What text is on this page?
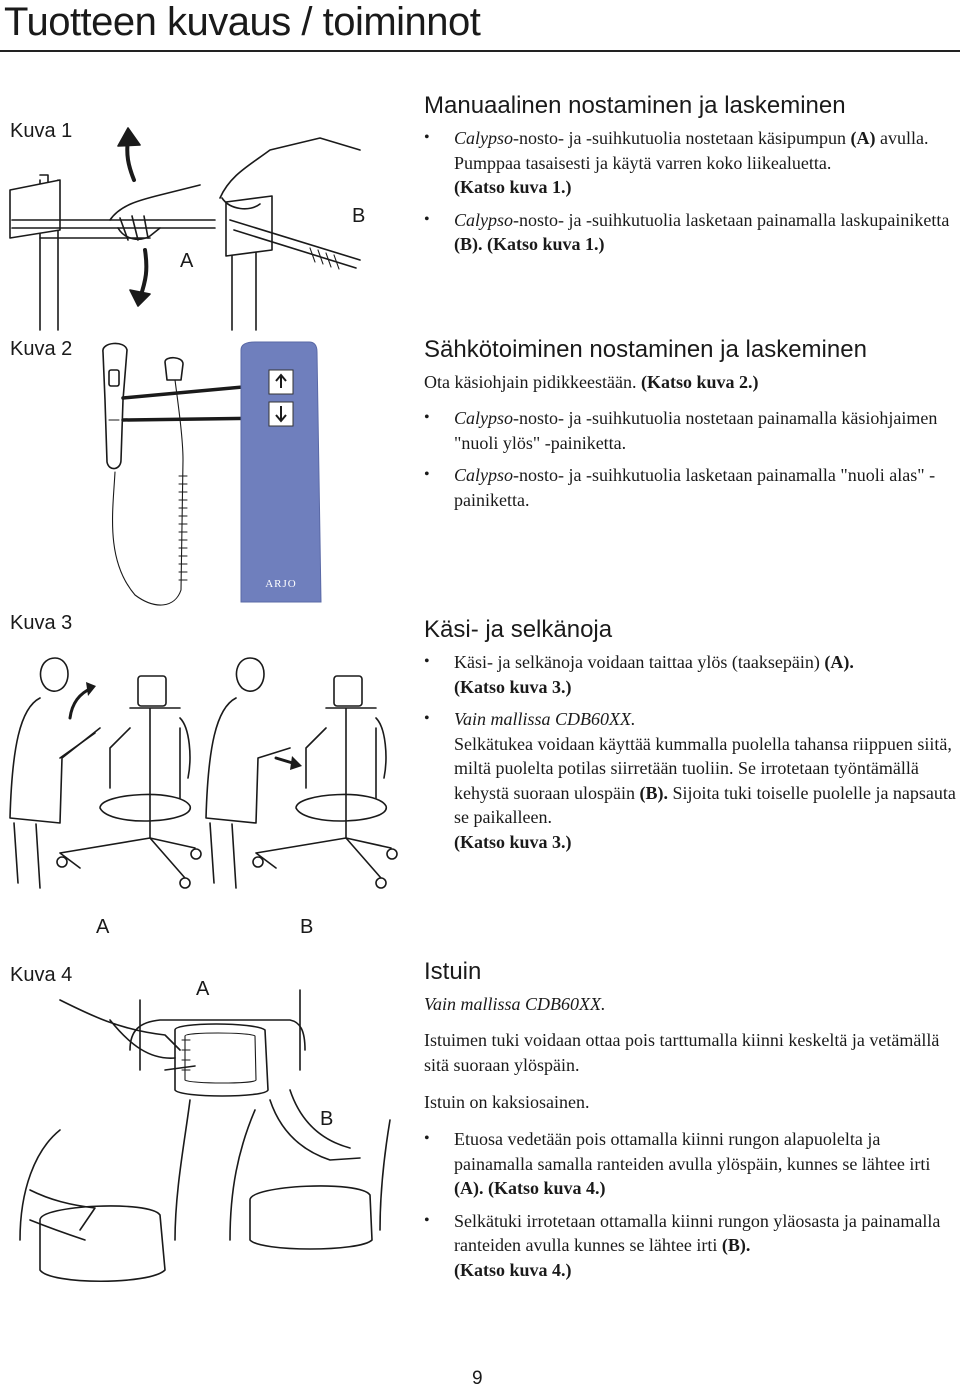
Tuotteen kuvaus / toiminnot
Kuva 1
A
B
Manuaalinen nostaminen ja laskeminen
• Calypso-nosto- ja -suihkutuolia nostetaan käsipumpun (A) avulla. Pumppaa tasaisesti ja käytä varren koko liikealuetta.
(Katso kuva 1.)
• Calypso-nosto- ja -suihkutuolia lasketaan painamalla laskupainiketta (B). (Katso kuva 1.)
Kuva 2
ARJO
Sähkötoiminen nostaminen ja laskeminen
Ota käsiohjain pidikkeestään. (Katso kuva 2.)
• Calypso-nosto- ja -suihkutuolia nostetaan painamalla käsiohjaimen "nuoli ylös" -painiketta.
• Calypso-nosto- ja -suihkutuolia lasketaan painamalla "nuoli alas" -painiketta.
Kuva 3
A	B
Käsi- ja selkänoja
• Käsi- ja selkänoja voidaan taittaa ylös (taaksepäin) (A).
(Katso kuva 3.)
• Vain mallissa CDB60XX.
Selkätukea voidaan käyttää kummalla puolella tahansa riippuen siitä, miltä puolelta potilas siirretään tuoliin. Se irrotetaan työntämällä kehystä suoraan ulospäin (B). Sijoita tuki toiselle puolelle ja napsauta se paikalleen.
(Katso kuva 3.)
Kuva 4
A
B
Istuin
Vain mallissa CDB60XX.
Istuimen tuki voidaan ottaa pois tarttumalla kiinni keskeltä ja vetämällä sitä suoraan ylöspäin.
Istuin on kaksiosainen.
• Etuosa vedetään pois ottamalla kiinni rungon alapuolelta ja painamalla samalla ranteiden avulla ylöspäin, kunnes se lähtee irti (A). (Katso kuva 4.)
• Selkätuki irrotetaan ottamalla kiinni rungon yläosasta ja painamalla ranteiden avulla kunnes se lähtee irti (B).
(Katso kuva 4.)
9
